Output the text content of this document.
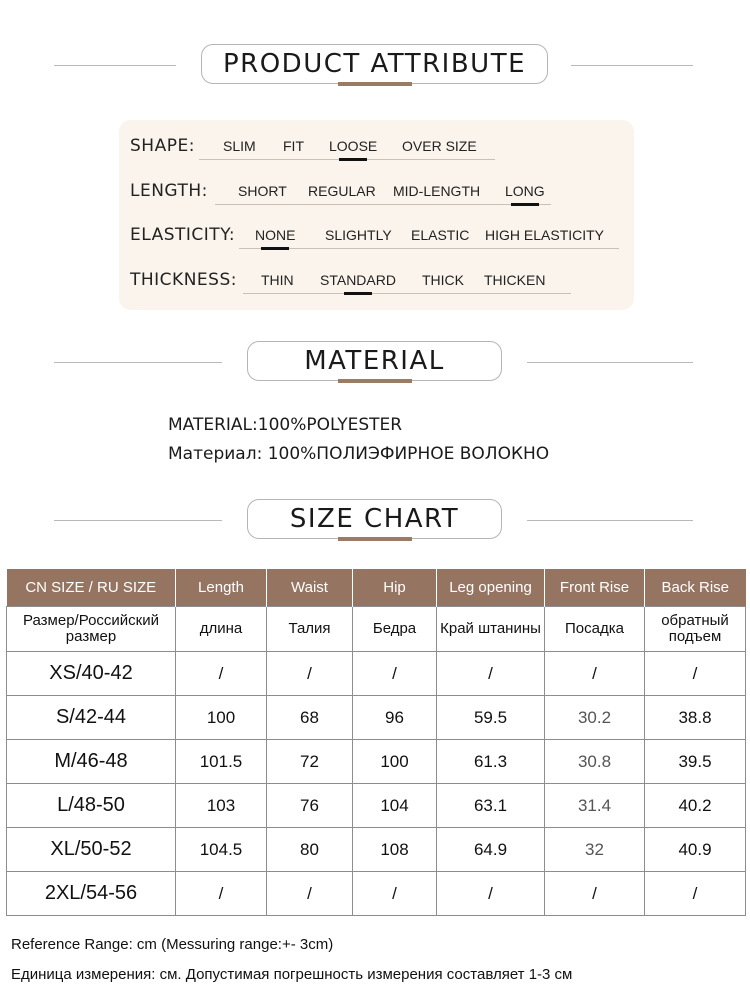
PRODUCT ATTRIBUTE
SHAPE: SLIM FIT LOOSE OVER SIZE
LENGTH: SHORT REGULAR MID-LENGTH LONG
ELASTICITY: NONE SLIGHTLY ELASTIC HIGH ELASTICITY
THICKNESS: THIN STANDARD THICK THICKEN
MATERIAL
MATERIAL:100%POLYESTER
Материал: 100%ПОЛИЭФИРНОЕ ВОЛОКНО
SIZE CHART
CN SIZE / RU SIZE	Length	Waist	Hip	Leg opening	Front Rise	Back Rise
Размер/Российский размер	длина	Талия	Бедра	Край штанины	Посадка	обратный подъем
XS/40-42	/	/	/	/	/	/
S/42-44	100	68	96	59.5	30.2	38.8
M/46-48	101.5	72	100	61.3	30.8	39.5
L/48-50	103	76	104	63.1	31.4	40.2
XL/50-52	104.5	80	108	64.9	32	40.9
2XL/54-56	/	/	/	/	/	/
Reference Range: cm (Messuring range:+- 3cm)
Единица измерения: см. Допустимая погрешность измерения составляет 1-3 см
